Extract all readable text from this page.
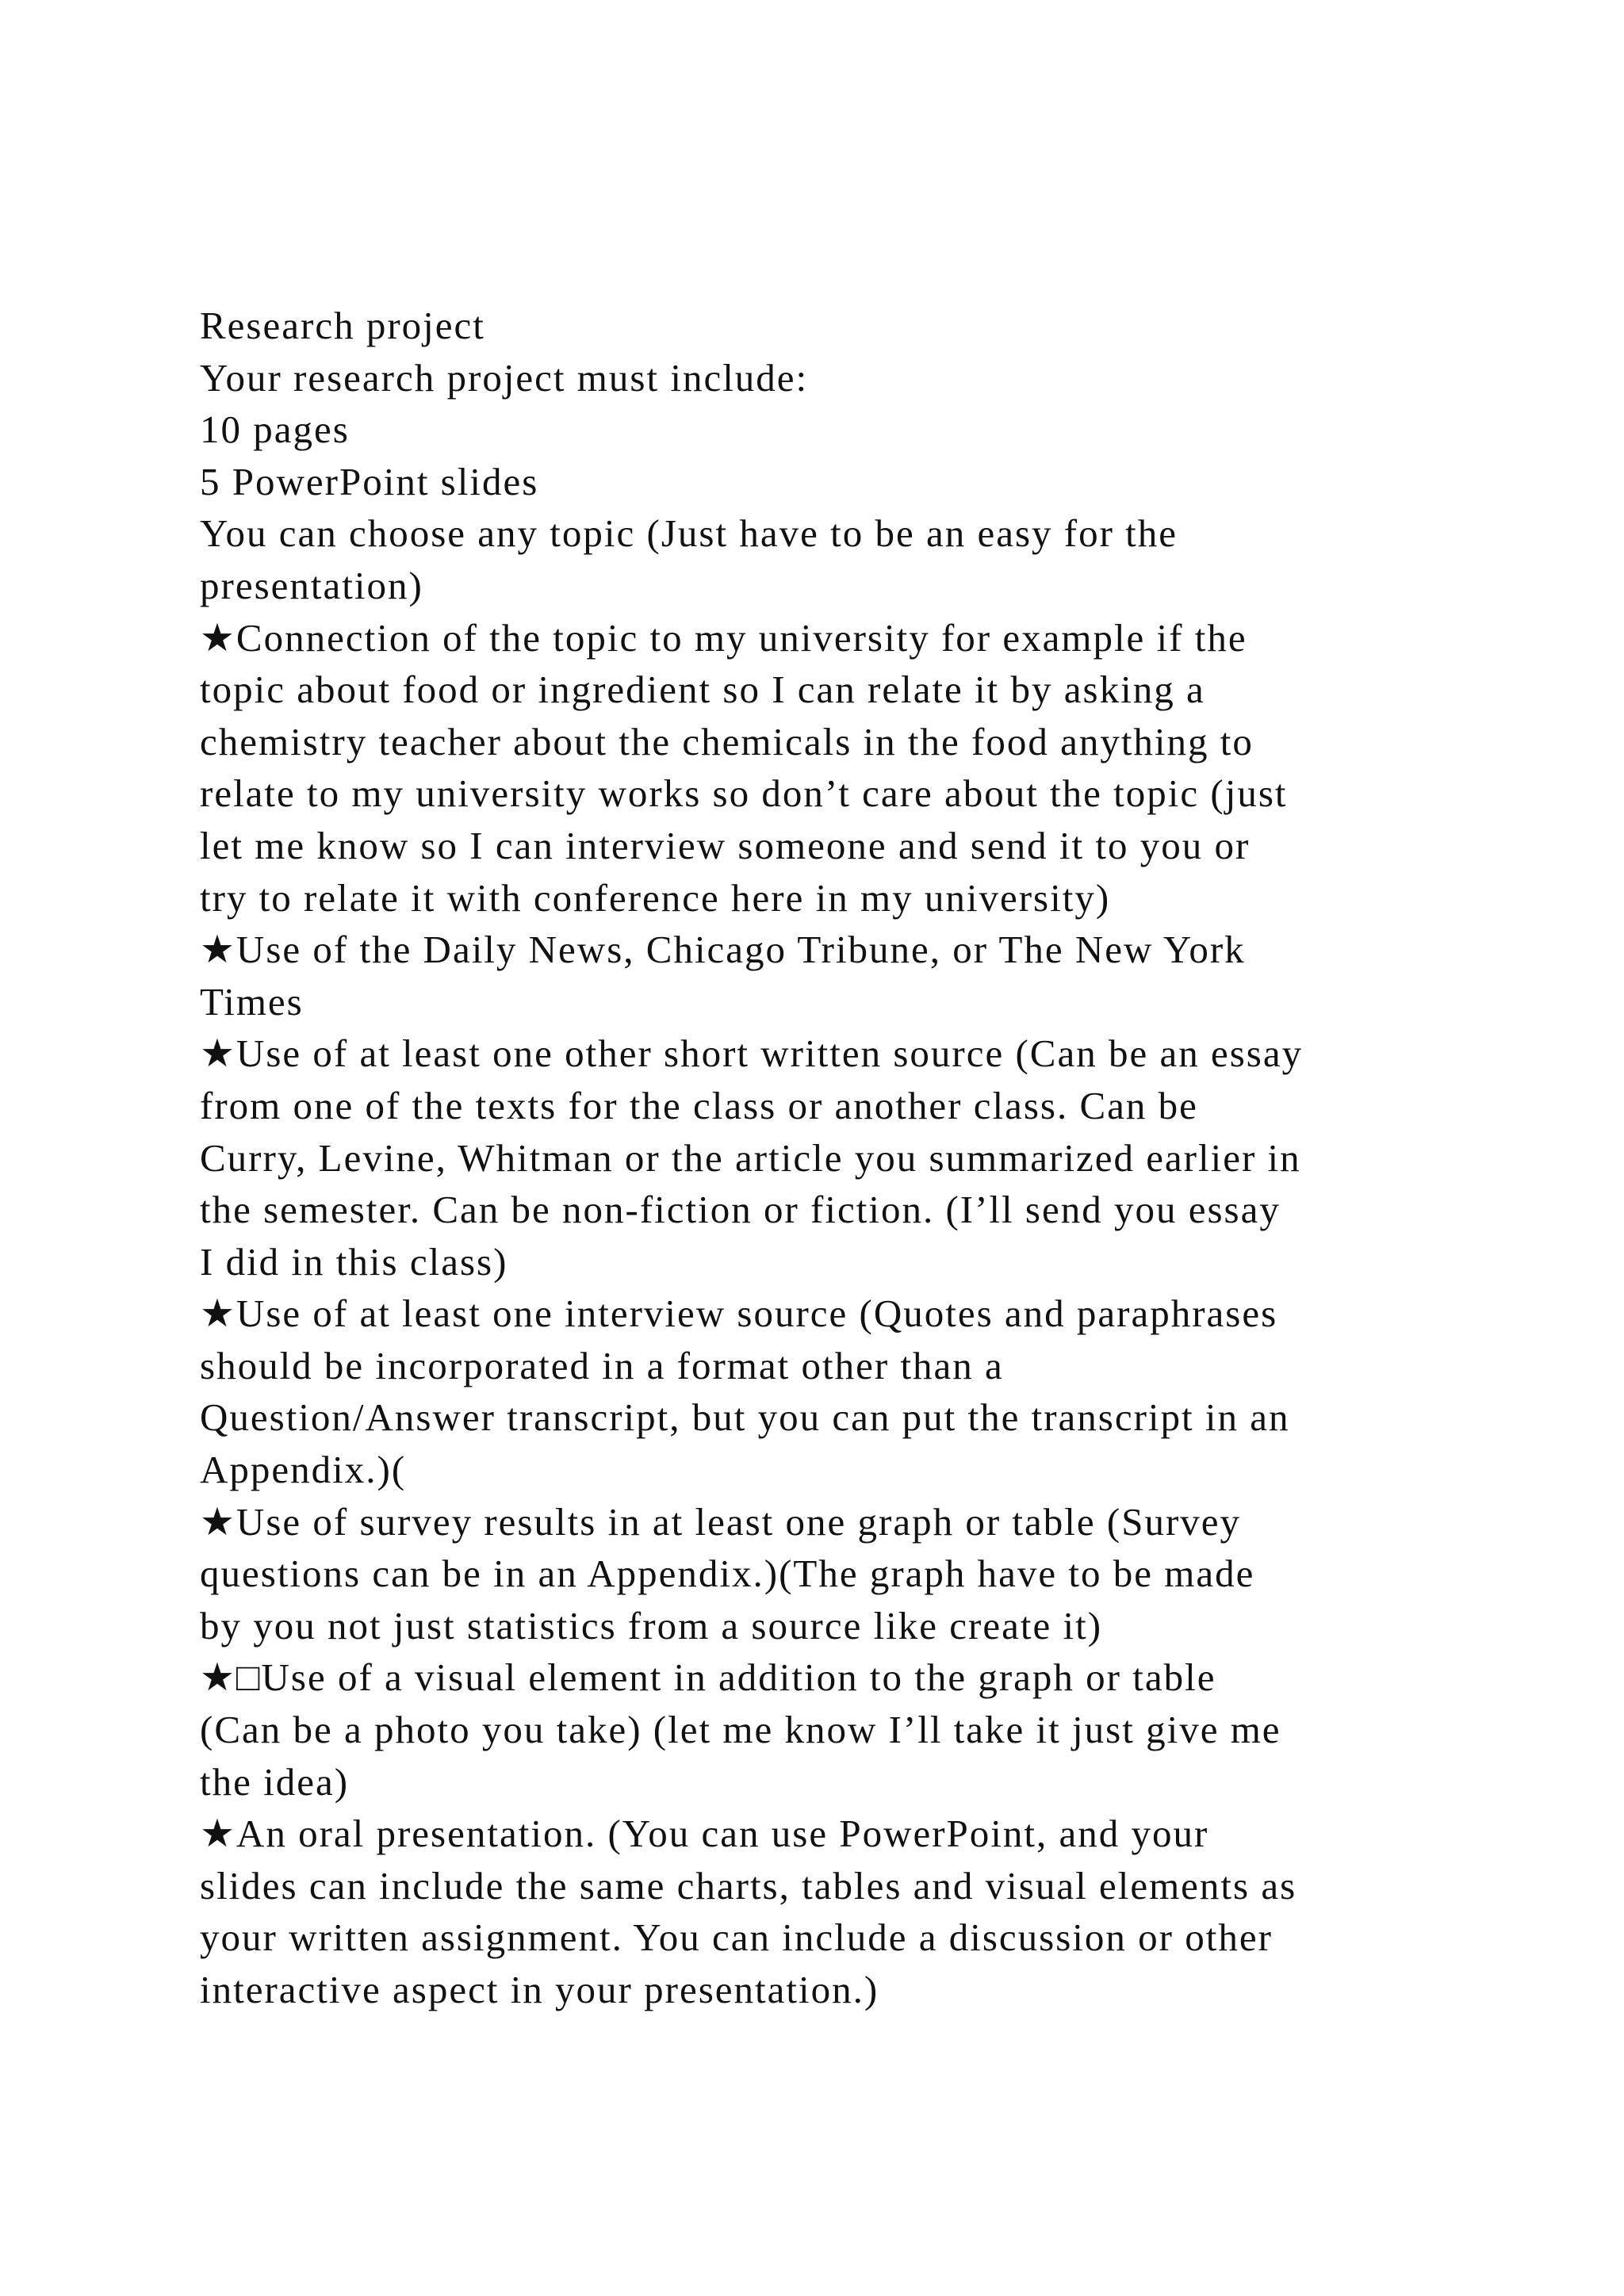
Research project

Your research project must include:

10 pages

5 PowerPoint slides

You can choose any topic (Just have to be an easy for the

presentation)

★Connection of the topic to my university for example if the

topic about food or ingredient so I can relate it by asking a

chemistry teacher about the chemicals in the food anything to

relate to my university works so don’t care about the topic (just

let me know so I can interview someone and send it to you or

try to relate it with conference here in my university)

★Use of the Daily News, Chicago Tribune, or The New York

Times

★Use of at least one other short written source (Can be an essay

from one of the texts for the class or another class. Can be

Curry, Levine, Whitman or the article you summarized earlier in

the semester. Can be non-fiction or fiction. (I’ll send you essay

I did in this class)

★Use of at least one interview source (Quotes and paraphrases

should be incorporated in a format other than a

Question/Answer transcript, but you can put the transcript in an

Appendix.)(

★Use of survey results in at least one graph or table (Survey

questions can be in an Appendix.)(The graph have to be made

by you not just statistics from a source like create it)

★□Use of a visual element in addition to the graph or table

(Can be a photo you take) (let me know I’ll take it just give me

the idea)

★An oral presentation. (You can use PowerPoint, and your

slides can include the same charts, tables and visual elements as

your written assignment. You can include a discussion or other

interactive aspect in your presentation.)
